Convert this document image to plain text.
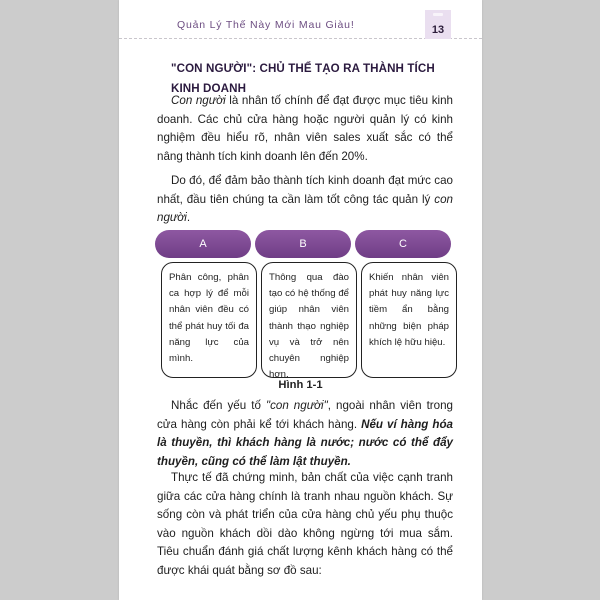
Quản Lý Thế Này Mới Mau Giàu!	13
"CON NGƯỜI": CHỦ THỂ TẠO RA THÀNH TÍCH
KINH DOANH

Con người là nhân tố chính để đạt được mục tiêu kinh doanh. Các chủ cửa hàng hoặc người quản lý có kinh nghiệm đều hiểu rõ, nhân viên sales xuất sắc có thể nâng thành tích kinh doanh lên đến 20%.

Do đó, để đảm bảo thành tích kinh doanh đạt mức cao nhất, đầu tiên chúng ta cần làm tốt công tác quản lý con người.

A	B	C
Phân công, phân ca hợp lý để mỗi nhân viên đều có thể phát huy tối đa năng lực của mình.
Thông qua đào tạo có hệ thống để giúp nhân viên thành thạo nghiệp vụ và trở nên chuyên nghiệp hơn.
Khiến nhân viên phát huy năng lực tiềm ẩn bằng những biện pháp khích lệ hữu hiệu.
Hình 1-1

Nhắc đến yếu tố "con người", ngoài nhân viên trong cửa hàng còn phải kể tới khách hàng. Nếu ví hàng hóa là thuyền, thì khách hàng là nước; nước có thể đẩy thuyền, cũng có thể làm lật thuyền.

Thực tế đã chứng minh, bản chất của việc cạnh tranh giữa các cửa hàng chính là tranh nhau nguồn khách. Sự sống còn và phát triển của cửa hàng chủ yếu phụ thuộc vào nguồn khách dồi dào không ngừng tới mua sắm. Tiêu chuẩn đánh giá chất lượng kênh khách hàng có thể được khái quát bằng sơ đồ sau:
